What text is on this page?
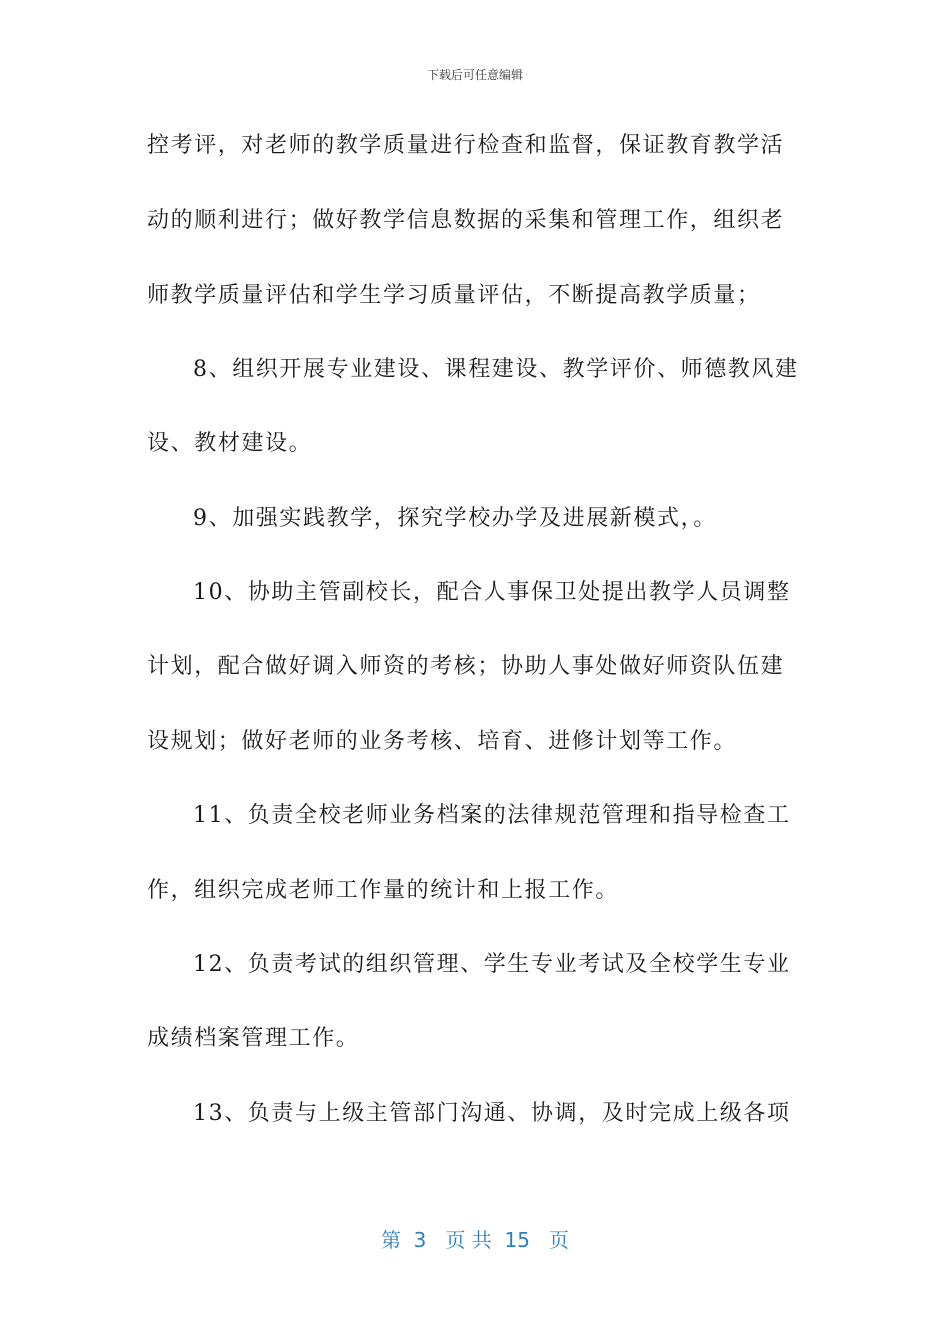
下载后可任意编辑
控考评，对老师的教学质量进行检查和监督，保证教育教学活
动的顺利进行；做好教学信息数据的采集和管理工作，组织老
师教学质量评估和学生学习质量评估，不断提高教学质量；
8、组织开展专业建设、课程建设、教学评价、师德教风建
设、教材建设。
9、加强实践教学，探究学校办学及进展新模式，。
10、协助主管副校长，配合人事保卫处提出教学人员调整
计划，配合做好调入师资的考核；协助人事处做好师资队伍建
设规划；做好老师的业务考核、培育、进修计划等工作。
11、负责全校老师业务档案的法律规范管理和指导检查工
作，组织完成老师工作量的统计和上报工作。
12、负责考试的组织管理、学生专业考试及全校学生专业
成绩档案管理工作。
13、负责与上级主管部门沟通、协调，及时完成上级各项
第  3   页 共  15   页
